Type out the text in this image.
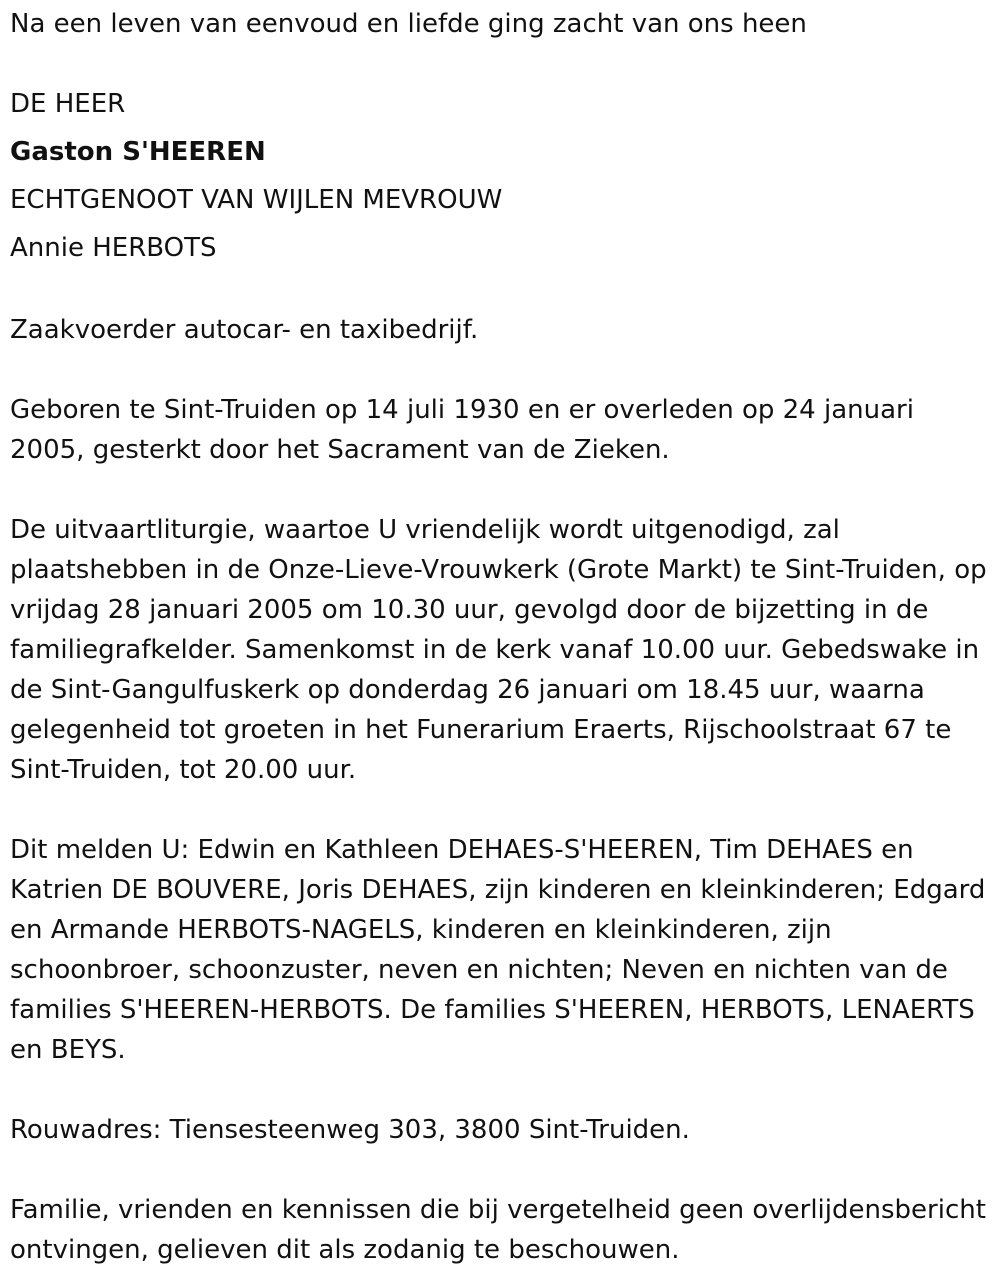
Na een leven van eenvoud en liefde ging zacht van ons heen
DE HEER
Gaston S'HEEREN
ECHTGENOOT VAN WIJLEN MEVROUW
Annie HERBOTS
Zaakvoerder autocar- en taxibedrijf.

Geboren te Sint-Truiden op 14 juli 1930 en er overleden op 24 januari 2005, gesterkt door het Sacrament van de Zieken.

De uitvaartliturgie, waartoe U vriendelijk wordt uitgenodigd, zal plaatshebben in de Onze-Lieve-Vrouwkerk (Grote Markt) te Sint-Truiden, op vrijdag 28 januari 2005 om 10.30 uur, gevolgd door de bijzetting in de familiegrafkelder. Samenkomst in de kerk vanaf 10.00 uur. Gebedswake in de Sint-Gangulfuskerk op donderdag 26 januari om 18.45 uur, waarna gelegenheid tot groeten in het Funerarium Eraerts, Rijschoolstraat 67 te Sint-Truiden, tot 20.00 uur.

Dit melden U: Edwin en Kathleen DEHAES-S'HEEREN, Tim DEHAES en Katrien DE BOUVERE, Joris DEHAES, zijn kinderen en kleinkinderen; Edgard en Armande HERBOTS-NAGELS, kinderen en kleinkinderen, zijn schoonbroer, schoonzuster, neven en nichten; Neven en nichten van de families S'HEEREN-HERBOTS. De families S'HEEREN, HERBOTS, LENAERTS en BEYS.

Rouwadres: Tiensesteenweg 303, 3800 Sint-Truiden.

Familie, vrienden en kennissen die bij vergetelheid geen overlijdensbericht ontvingen, gelieven dit als zodanig te beschouwen.
